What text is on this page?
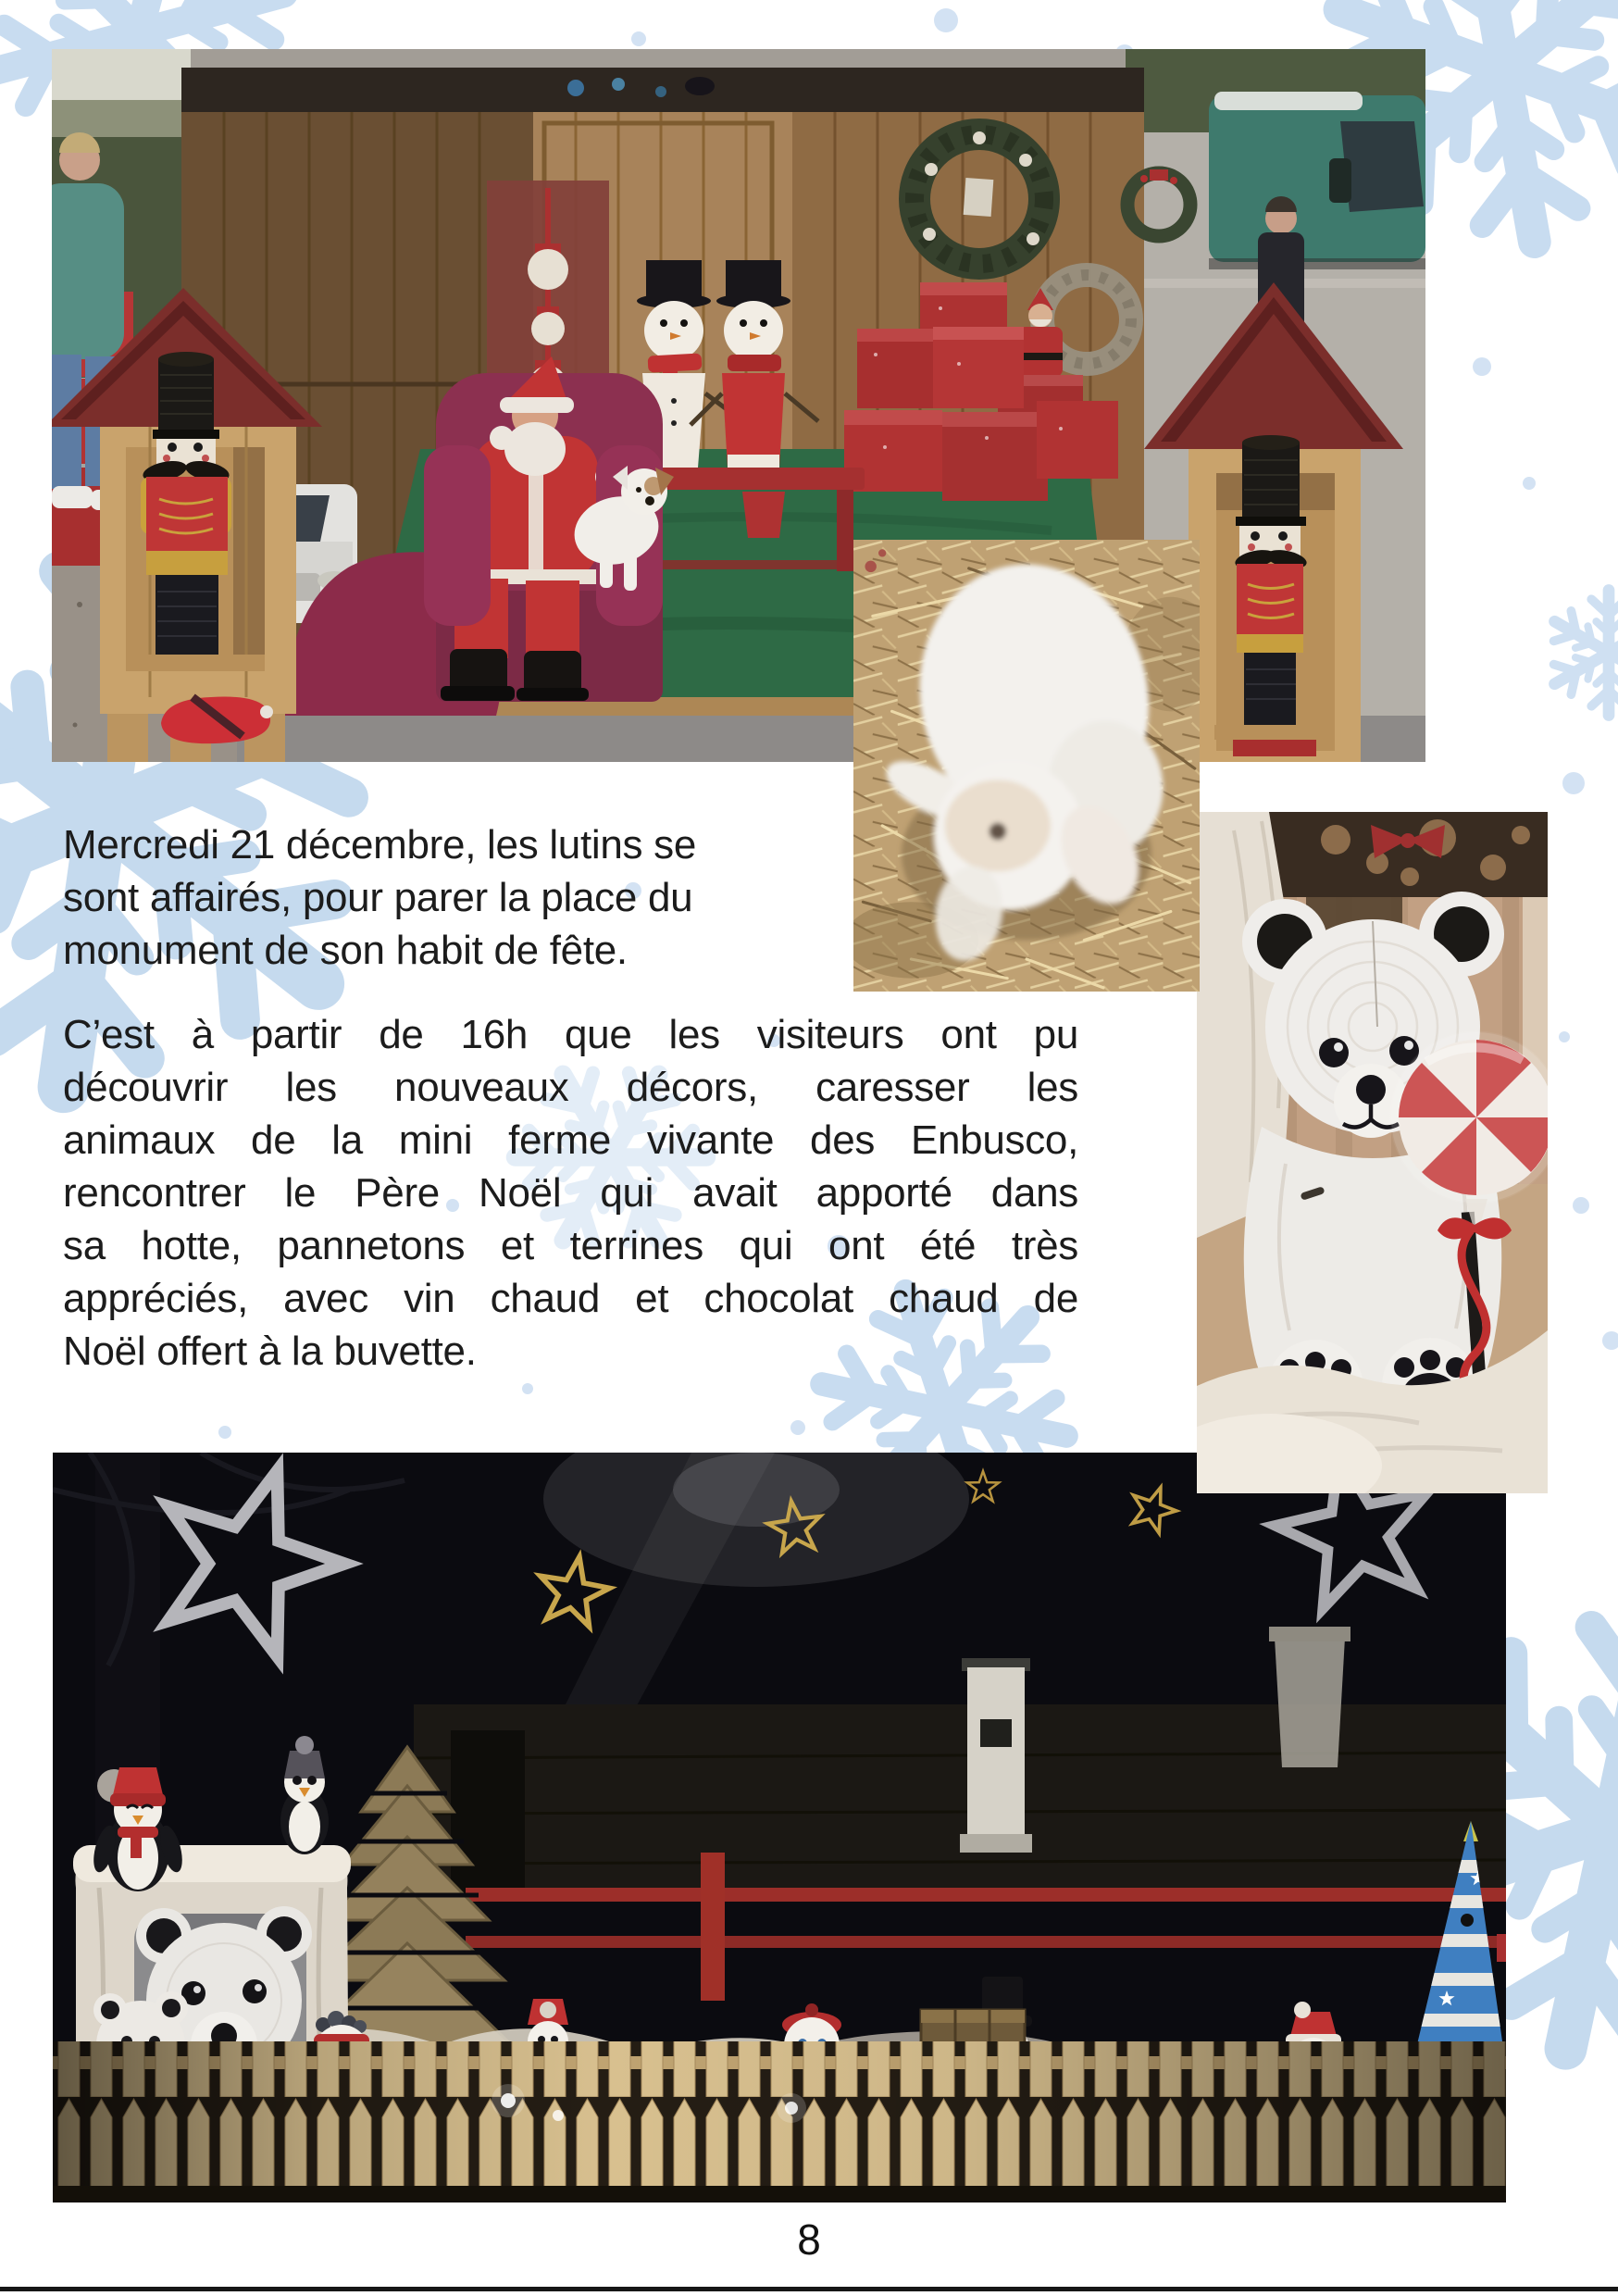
Mercredi 21 décembre, les lutins se
sont affairés, pour parer la place du
monument de son habit de fête.
C’est à partir de 16h que les visiteurs ont pu
découvrir les nouveaux décors, caresser les
animaux de la mini ferme vivante des Enbusco,
rencontrer le Père Noël qui avait apporté dans
sa hotte, pannetons et terrines qui ont été très
appréciés, avec vin chaud et chocolat chaud de
Noël offert à la buvette.
8
